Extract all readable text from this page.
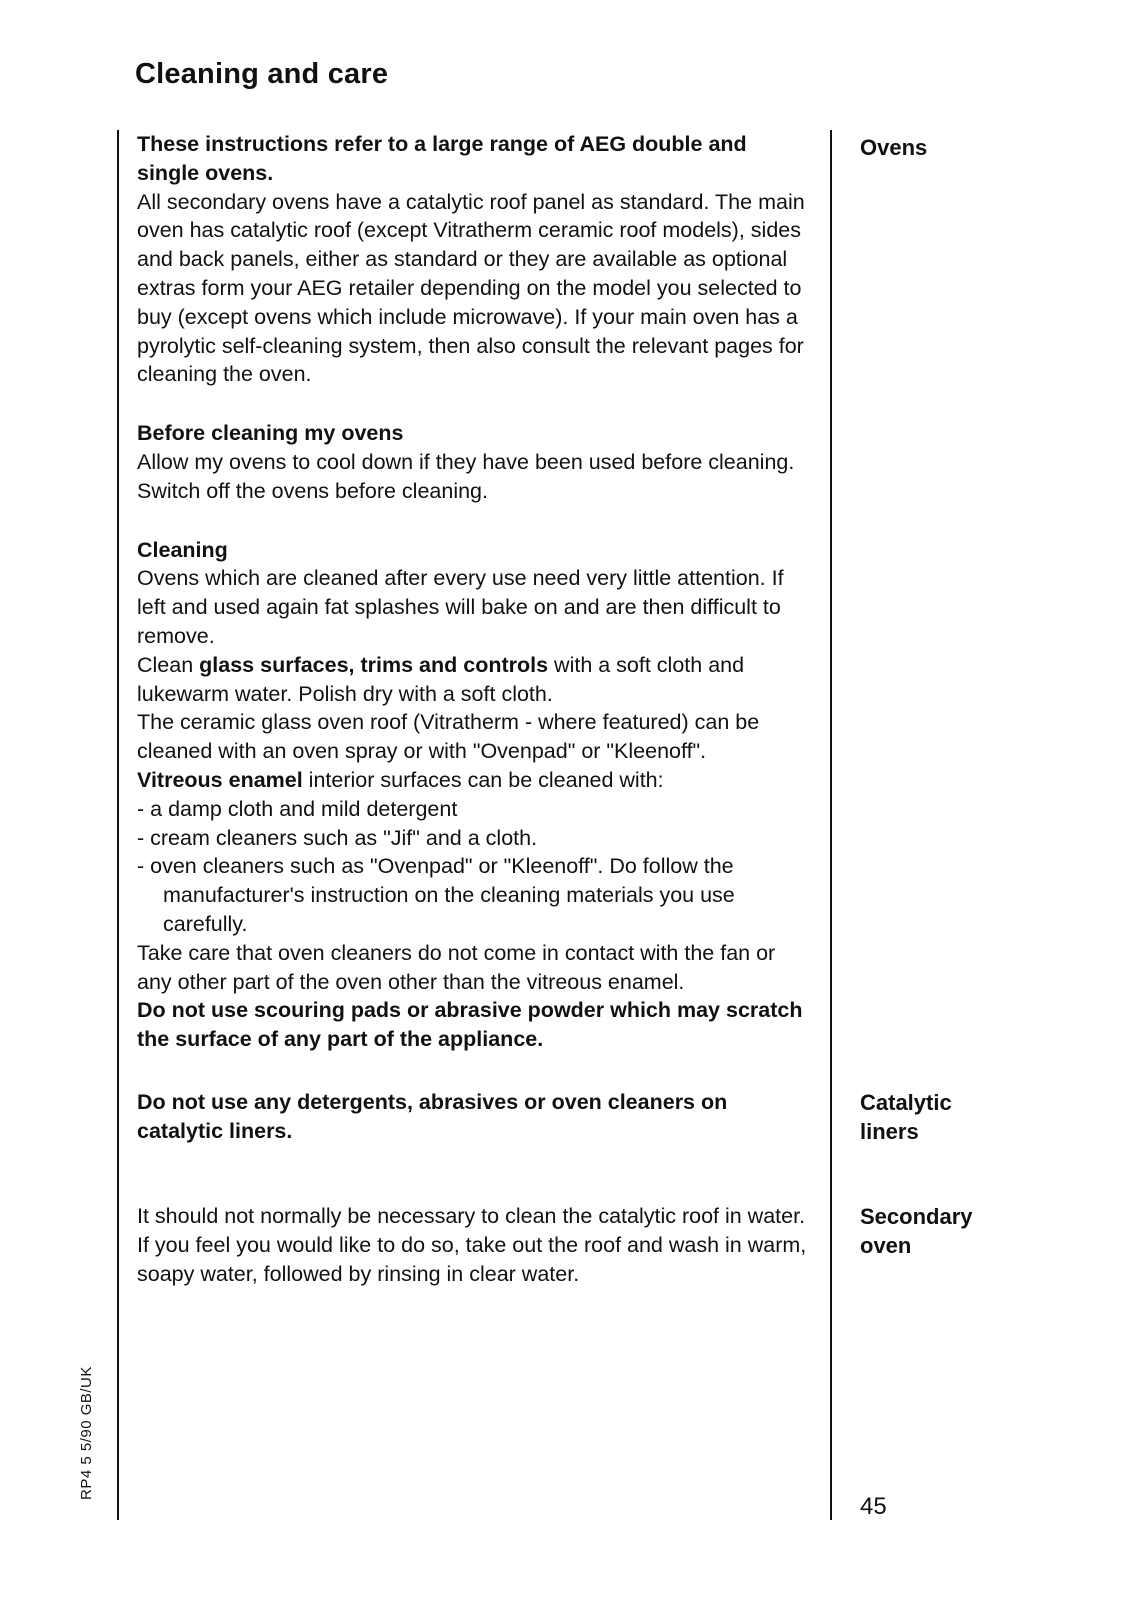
Cleaning and care

These instructions refer to a large range of AEG double and single ovens.

All secondary ovens have a catalytic roof panel as standard. The main oven has catalytic roof (except Vitratherm ceramic roof models), sides and back panels, either as standard or they are available as optional extras form your AEG retailer depending on the model you selected to buy (except ovens which include microwave). If your main oven has a pyrolytic self-cleaning system, then also consult the relevant pages for cleaning the oven.

Before cleaning my ovens

Allow my ovens to cool down if they have been used before cleaning. Switch off the ovens before cleaning.

Cleaning

Ovens which are cleaned after every use need very little attention. If left and used again fat splashes will bake on and are then difficult to remove.

Clean glass surfaces, trims and controls with a soft cloth and lukewarm water. Polish dry with a soft cloth.

The ceramic glass oven roof (Vitratherm - where featured) can be cleaned with an oven spray or with "Ovenpad" or "Kleenoff".

Vitreous enamel interior surfaces can be cleaned with:

- a damp cloth and mild detergent

- cream cleaners such as "Jif" and a cloth.

- oven cleaners such as "Ovenpad" or "Kleenoff". Do follow the manufacturer's instruction on the cleaning materials you use carefully.

Take care that oven cleaners do not come in contact with the fan or any other part of the oven other than the vitreous enamel.

Do not use scouring pads or abrasive powder which may scratch the surface of any part of the appliance.

Do not use any detergents, abrasives or oven cleaners on catalytic liners.

It should not normally be necessary to clean the catalytic roof in water. If you feel you would like to do so, take out the roof and wash in warm, soapy water, followed by rinsing in clear water.

Ovens
Catalytic
liners
Secondary
oven
RP4 5 5/90 GB/UK
45
